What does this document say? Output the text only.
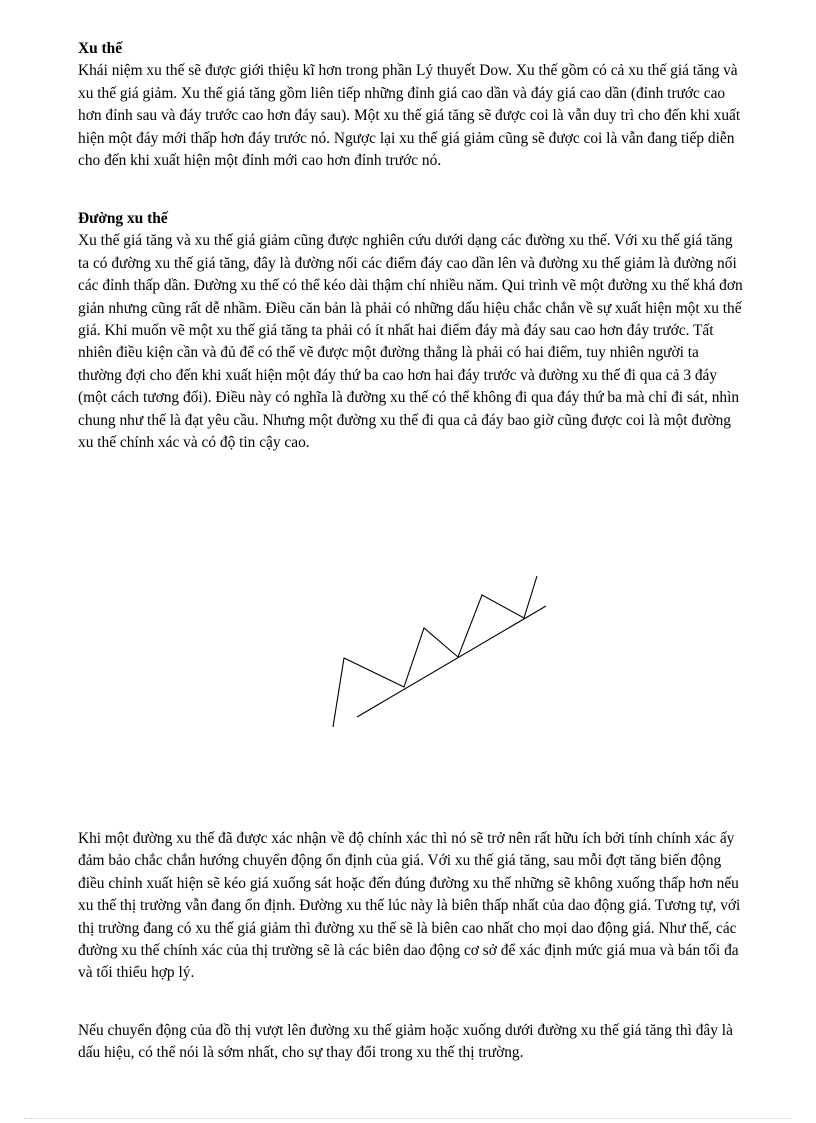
Xu thế

Khái niệm xu thế sẽ được giới thiệu kĩ hơn trong phần Lý thuyết Dow. Xu thế gồm có cả xu thế giá tăng và xu thế giá giảm. Xu thế giá tăng gồm liên tiếp những đỉnh giá cao dần và đáy giá cao dần (đỉnh trước cao hơn đỉnh sau và đáy trước cao hơn đáy sau). Một xu thế giá tăng sẽ được coi là vẫn duy trì cho đến khi xuất hiện một đáy mới thấp hơn đáy trước nó. Ngược lại xu thế giá giảm cũng sẽ được coi là vẫn đang tiếp diễn cho đến khi xuất hiện một đỉnh mới cao hơn đỉnh trước nó.

Đường xu thế

Xu thế giá tăng và xu thế giá giảm cũng được nghiên cứu dưới dạng các đường xu thế. Với xu thế giá tăng ta có đường xu thế giá tăng, đây là đường nối các điểm đáy cao dần lên và đường xu thế giảm là đường nối các đỉnh thấp dần. Đường xu thế có thể kéo dài thậm chí nhiều năm. Qui trình vẽ một đường xu thế khá đơn giản nhưng cũng rất dễ nhầm. Điều căn bản là phải có những dấu hiệu chắc chắn về sự xuất hiện một xu thế giá. Khi muốn vẽ một xu thế giá tăng ta phải có ít nhất hai điểm đáy mà đáy sau cao hơn đáy trước. Tất nhiên điều kiện cần và đủ để có thể vẽ được một đường thẳng là phải có hai điểm, tuy nhiên người ta thường đợi cho đến khi xuất hiện một đáy thứ ba cao hơn hai đáy trước và đường xu thế đi qua cả 3 đáy (một cách tương đối). Điều này có nghĩa là đường xu thế có thể không đi qua đáy thứ ba mà chỉ đi sát, nhìn chung như thế là đạt yêu cầu. Nhưng một đường xu thế đi qua cả đáy bao giờ cũng được coi là một đường xu thế chính xác và có độ tin cậy cao.

Khi một đường xu thế đã được xác nhận về độ chính xác thì nó sẽ trở nên rất hữu ích bởi tính chính xác ấy đảm bảo chắc chắn hướng chuyển động ổn định của giá. Với xu thế giá tăng, sau mỗi đợt tăng biến động điều chỉnh xuất hiện sẽ kéo giá xuống sát hoặc đến đúng đường xu thế những sẽ không xuống thấp hơn nếu xu thế thị trường vẫn đang ổn định. Đường xu thế lúc này là biên thấp nhất của dao động giá. Tương tự, với thị trường đang có xu thế giá giảm thì đường xu thế sẽ là biên cao nhất cho mọi dao động giá. Như thế, các đường xu thế chính xác của thị trường sẽ là các biên dao động cơ sở để xác định mức giá mua và bán tối đa và tối thiểu hợp lý.

Nếu chuyển động của đồ thị vượt lên đường xu thế giảm hoặc xuống dưới đường xu thế giá tăng thì đây là dấu hiệu, có thể nói là sớm nhất, cho sự thay đổi trong xu thế thị trường.
